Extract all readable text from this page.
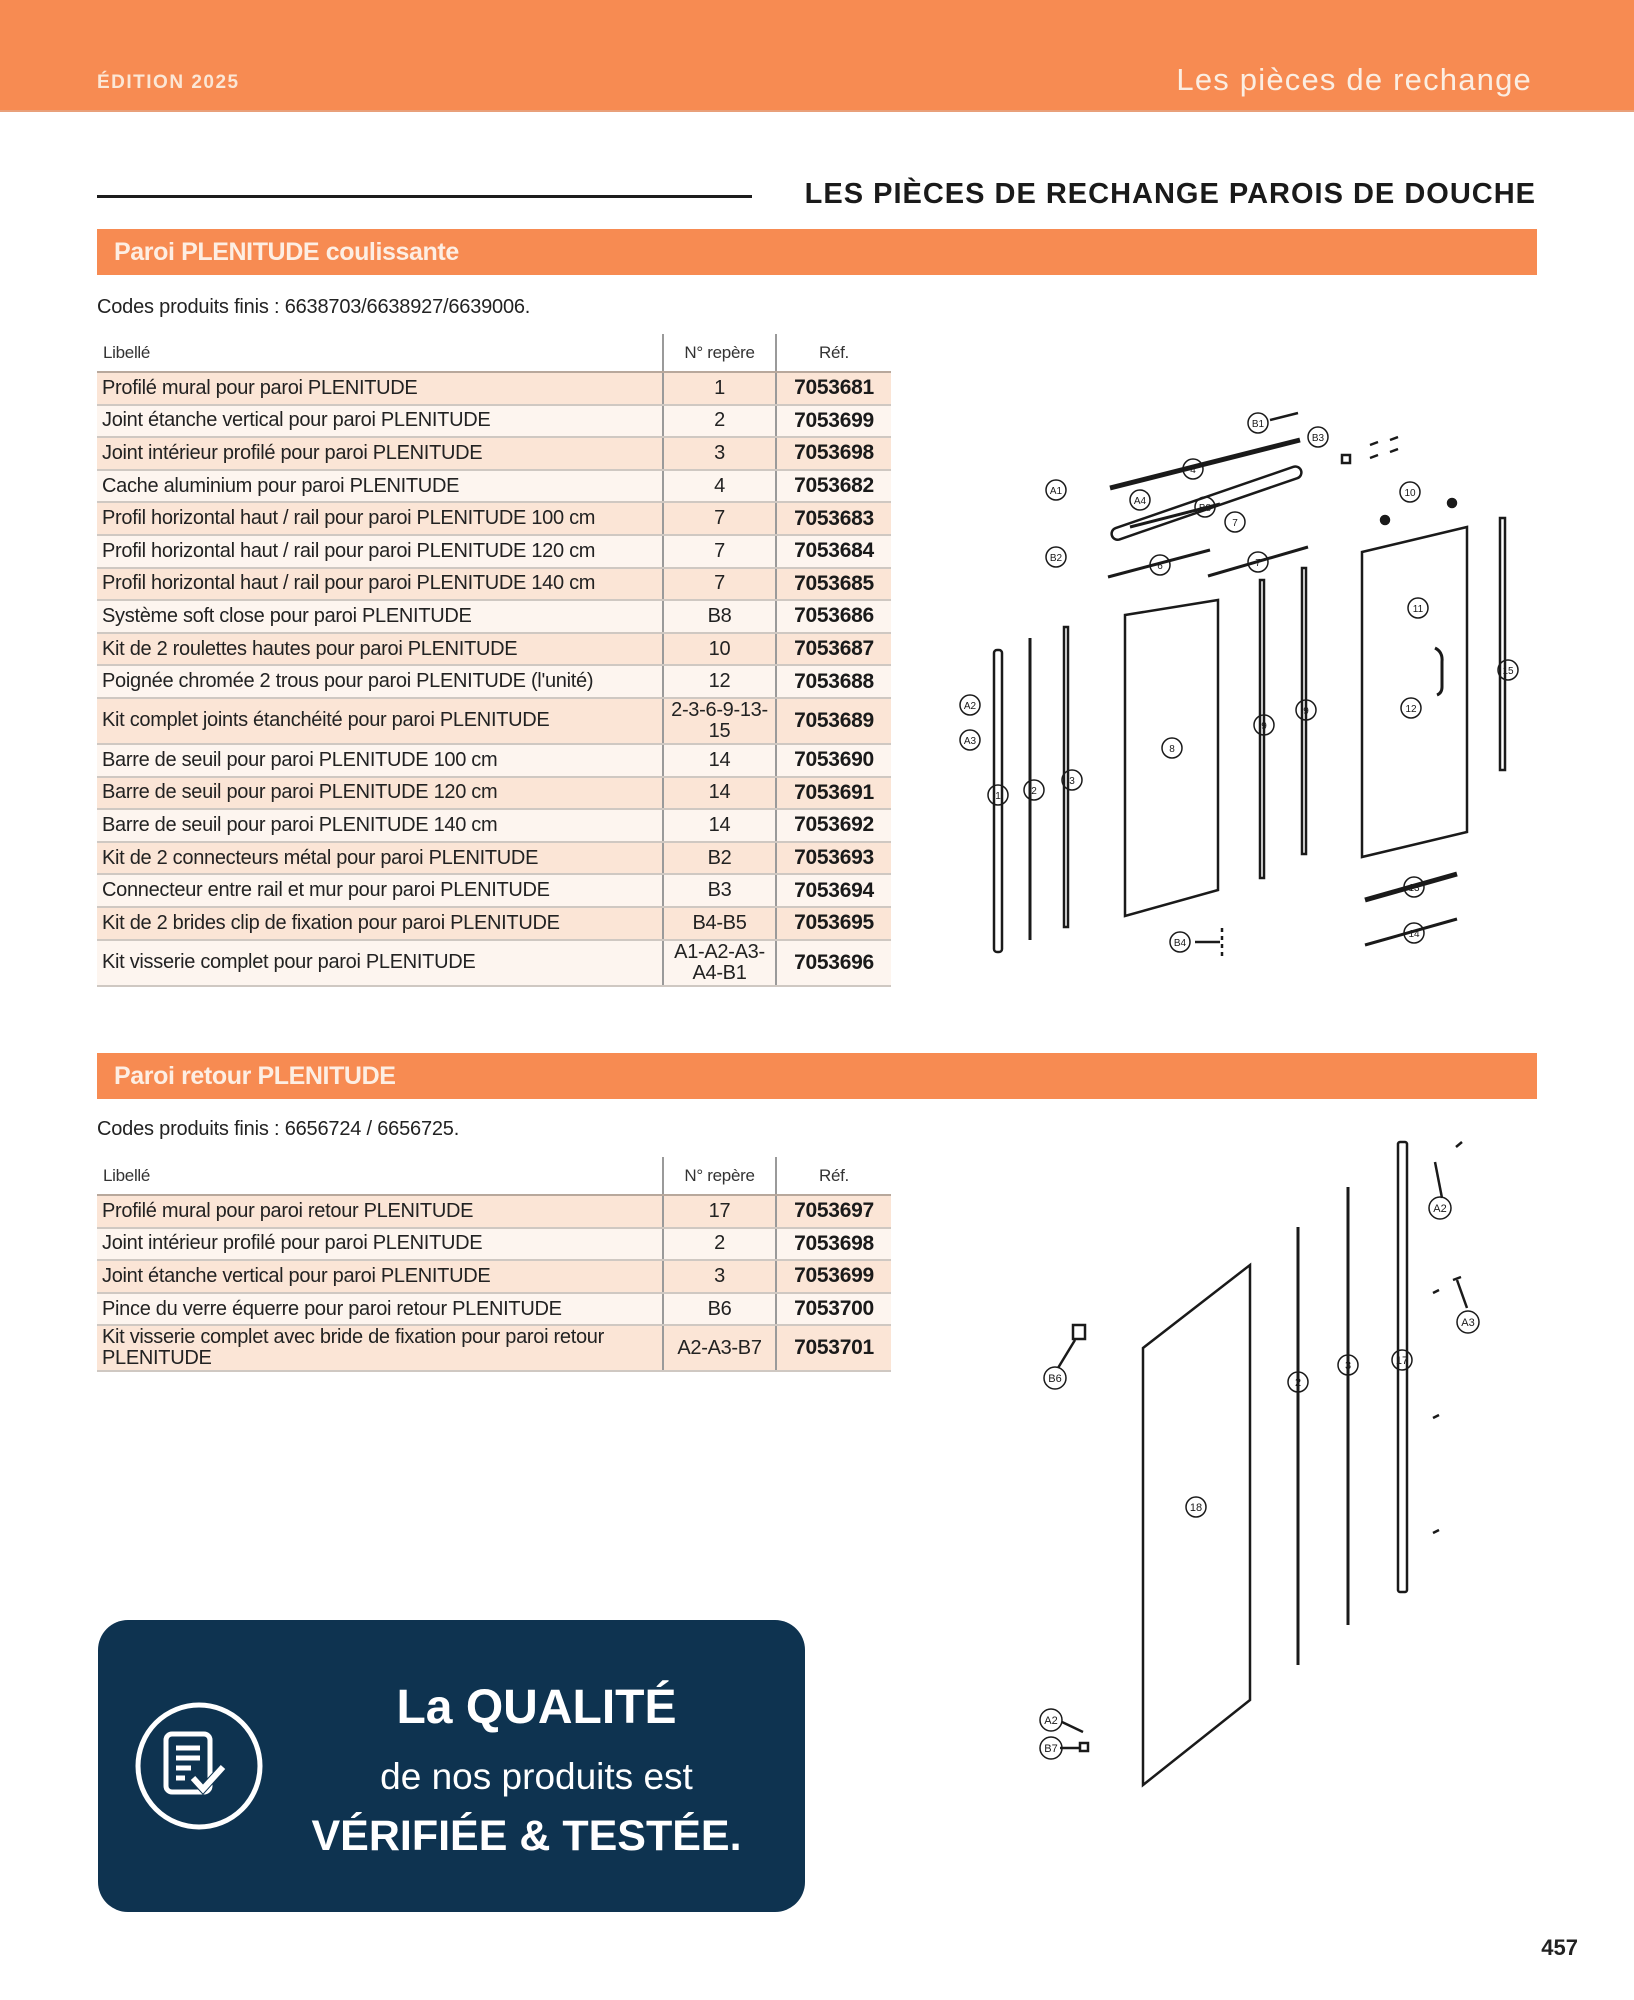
ÉDITION 2025	Les pièces de rechange
LES PIÈCES DE RECHANGE PAROIS DE DOUCHE
Paroi PLENITUDE coulissante
Codes produits finis : 6638703/6638927/6639006.
Libellé	N° repère	Réf.
Profilé mural pour paroi PLENITUDE	1	7053681
Joint étanche vertical pour paroi PLENITUDE	2	7053699
Joint intérieur profilé pour paroi PLENITUDE	3	7053698
Cache aluminium pour paroi PLENITUDE	4	7053682
Profil horizontal haut / rail pour paroi PLENITUDE 100 cm	7	7053683
Profil horizontal haut / rail pour paroi PLENITUDE 120 cm	7	7053684
Profil horizontal haut / rail pour paroi PLENITUDE 140 cm	7	7053685
Système soft close pour paroi PLENITUDE	B8	7053686
Kit de 2 roulettes hautes pour paroi PLENITUDE	10	7053687
Poignée chromée 2 trous pour paroi PLENITUDE (l'unité)	12	7053688
Kit complet joints étanchéité pour paroi PLENITUDE	2-3-6-9-13-15	7053689
Barre de seuil pour paroi PLENITUDE 100 cm	14	7053690
Barre de seuil pour paroi PLENITUDE 120 cm	14	7053691
Barre de seuil pour paroi PLENITUDE 140 cm	14	7053692
Kit de 2 connecteurs métal pour paroi PLENITUDE	B2	7053693
Connecteur entre rail et mur pour paroi PLENITUDE	B3	7053694
Kit de 2 brides clip de fixation pour paroi PLENITUDE	B4-B5	7053695
Kit visserie complet pour paroi PLENITUDE	A1-A2-A3-A4-B1	7053696
A1
B2
A4
B8
B1
B3
4
6
7
7
10
11
12
15
A2
A3
1	2
3
8
9
9
13
14
B4
Paroi retour PLENITUDE
Codes produits finis : 6656724 / 6656725.
Libellé	N° repère	Réf.
Profilé mural pour paroi retour PLENITUDE	17	7053697
Joint intérieur profilé pour paroi PLENITUDE	2	7053698
Joint étanche vertical pour paroi PLENITUDE	3	7053699
Pince du verre équerre pour paroi retour PLENITUDE	B6	7053700
Kit visserie complet avec bride de fixation pour paroi retour PLENITUDE	A2-A3-B7	7053701
A2
A3
B6	2
3	17
18
A2
B7
La QUALITÉ
de nos produits est
VÉRIFIÉE & TESTÉE.
457
